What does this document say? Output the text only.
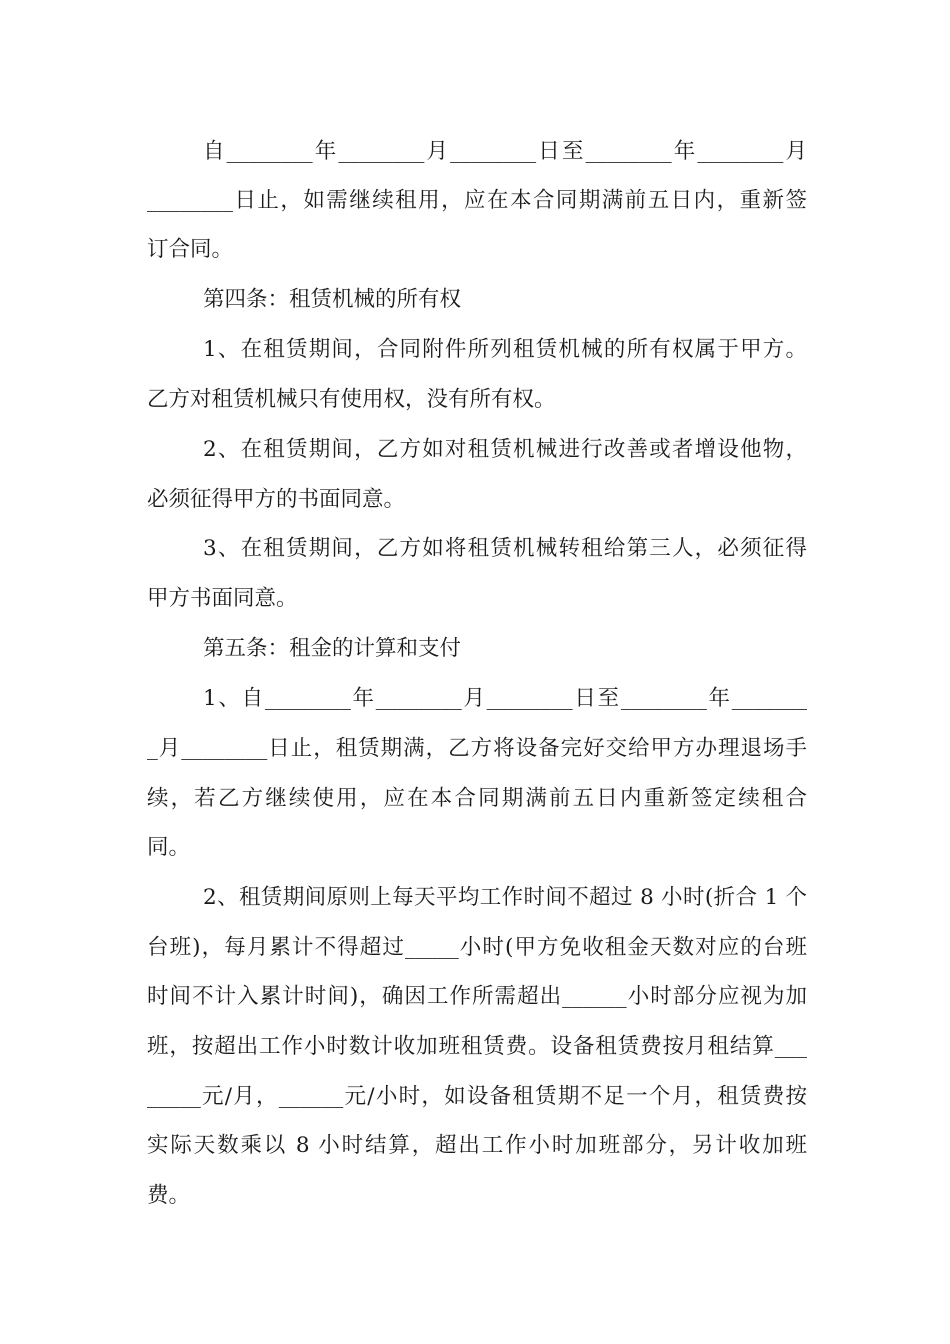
自________年________月________日至________年________月
________日止，如需继续租用，应在本合同期满前五日内，重新签
订合同。
第四条：租赁机械的所有权
1、在租赁期间，合同附件所列租赁机械的所有权属于甲方。
乙方对租赁机械只有使用权，没有所有权。
2、在租赁期间，乙方如对租赁机械进行改善或者增设他物，
必须征得甲方的书面同意。
3、在租赁期间，乙方如将租赁机械转租给第三人，必须征得
甲方书面同意。
第五条：租金的计算和支付
1、自________年________月________日至________年_______
_月________日止，租赁期满，乙方将设备完好交给甲方办理退场手
续，若乙方继续使用，应在本合同期满前五日内重新签定续租合
同。
2、租赁期间原则上每天平均工作时间不超过 8 小时(折合 1 个
台班)，每月累计不得超过_____小时(甲方免收租金天数对应的台班
时间不计入累计时间)，确因工作所需超出______小时部分应视为加
班，按超出工作小时数计收加班租赁费。设备租赁费按月租结算___
_____元/月，______元/小时，如设备租赁期不足一个月，租赁费按
实际天数乘以 8 小时结算，超出工作小时加班部分，另计收加班
费。
